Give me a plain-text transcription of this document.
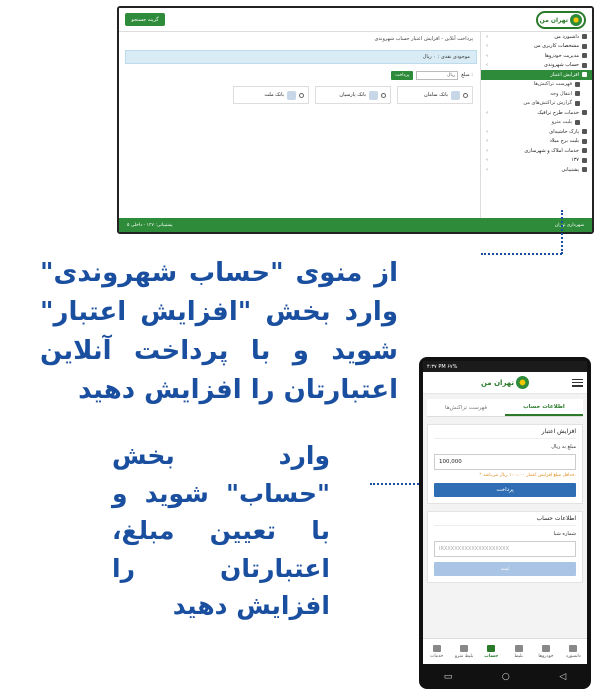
گزینه جستجو	تهران من
داشبورد من
‹
مشخصات کاربری من
‹
مدیریت خودروها
‹
حساب شهروندی
‹
افزایش اعتبار
فهرست تراکنش‌ها
انتقال وجه
گزارش تراکنش‌های من
خدمات طرح ترافیک
‹
پلیت مترو
پارک حاشیه‌ای
‹
بلیت برج میلاد
‹
خدمات املاک و شهرسازی
‹
۱۳۷
‹
پشتیبانی
‹
پرداخت آنلاین - افزایش اعتبار حساب شهروندی
موجودی نقدی : ۰ ریال
پرداخت	ریال	مبلغ :
بانک ملت	بانک پارسیان	بانک سامان
پشتیبانی: ۱۳۷ - داخلی ۵	شهرداری تهران
از منوی "حساب شهروندی" وارد بخش "افزایش اعتبار" شوید و با پرداخت آنلاین اعتبارتان را افزایش دهید
وارد بخش "حساب" شوید و با تعیین مبلغ، اعتبارتان را افزایش دهید
۴:۳۷ PM ۶۷%
تهران من
فهرست تراکنش‌ها	اطلاعات حساب
افزایش اعتبار
مبلغ به ریال
100,000
* حداقل مبلغ افزایش اعتبار ۱۰۰،۰۰۰ ریال می‌باشد.
پرداخت
اطلاعات حساب
شماره شبا
IRXXXXXXXXXXXXXXXXXXX
ثبت
خدمات	بلیط مترو حساب	بلیط	خودروها	داشبورد
▭	○	◁
